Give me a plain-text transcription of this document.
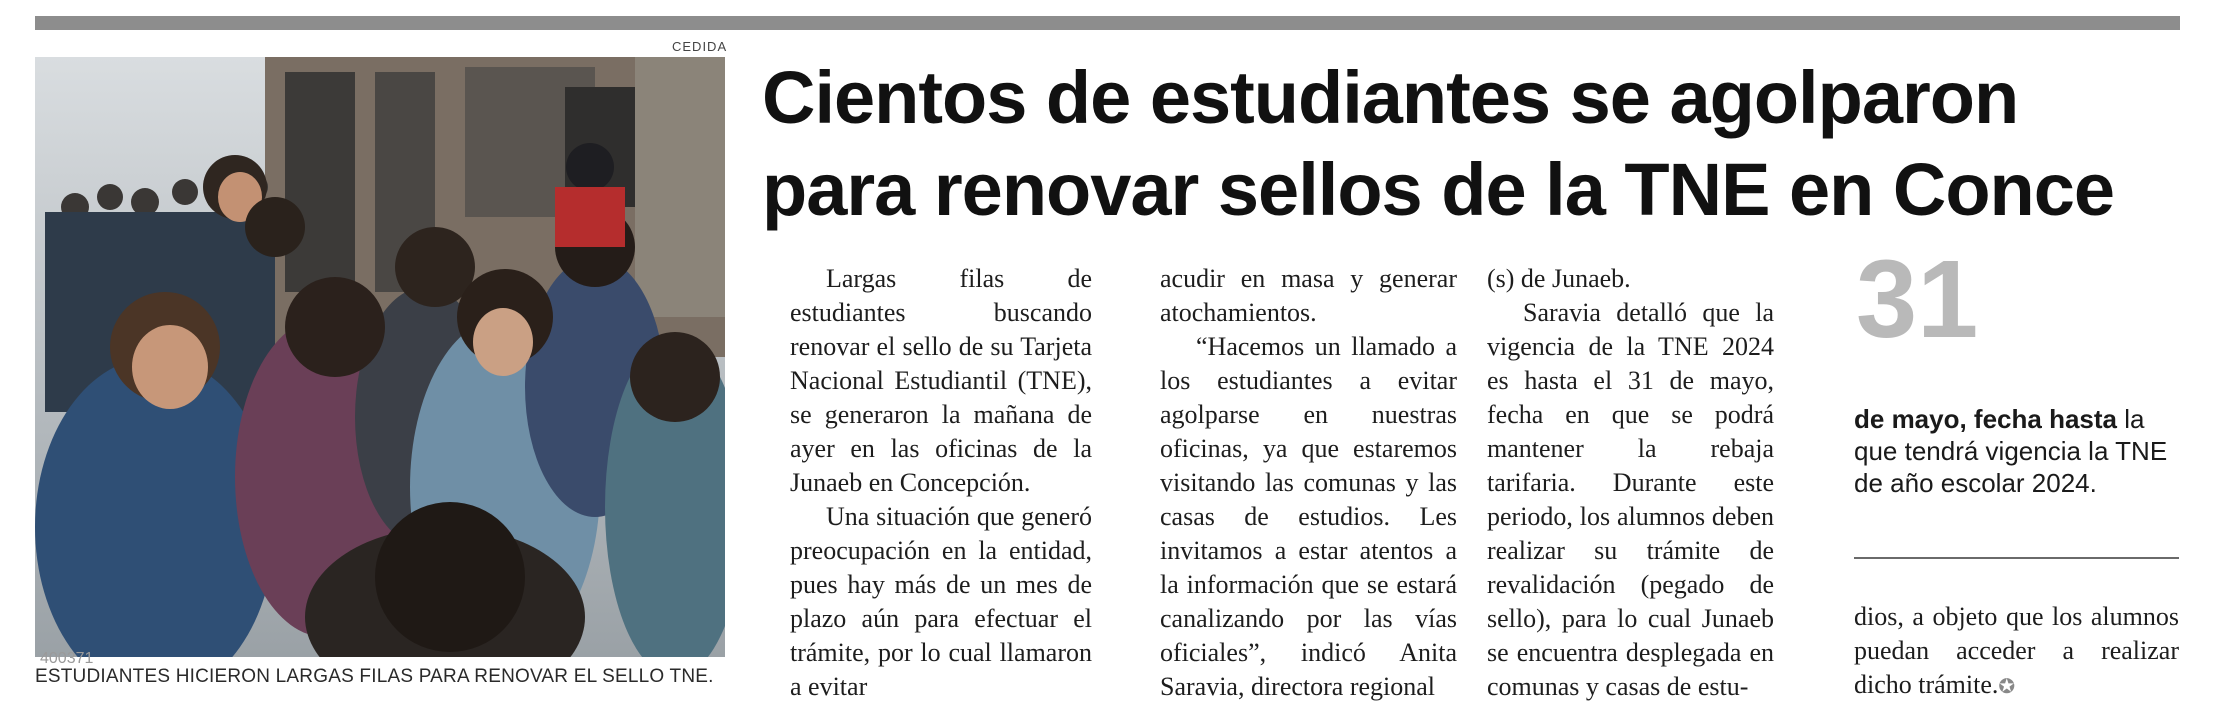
CEDIDA
400371
ESTUDIANTES HICIERON LARGAS FILAS PARA RENOVAR EL SELLO TNE.
Cientos de estudiantes se agolparon
para renovar sellos de la TNE en Conce

Largas filas de estudiantes buscando renovar el sello de su Tarjeta Nacional Estudiantil (TNE), se generaron la mañana de ayer en las oficinas de la Junaeb en Concepción.

Una situación que generó preocupación en la entidad, pues hay más de un mes de plazo aún para efectuar el trámite, por lo cual llamaron a evitar

acudir en masa y generar atochamientos.

“Hacemos un llamado a los estudiantes a evitar agolparse en nuestras oficinas, ya que estaremos visitando las comunas y las casas de estudios. Les invitamos a estar atentos a la información que se estará canalizando por las vías oficiales”, indicó Anita Saravia, directora regional

(s) de Junaeb.

Saravia detalló que la vigencia de la TNE 2024 es hasta el 31 de mayo, fecha en que se podrá mantener la rebaja tarifaria. Durante este periodo, los alumnos deben realizar su trámite de revalidación (pegado de sello), para lo cual Junaeb se encuentra desplegada en comunas y casas de estu-

31
de mayo, fecha hasta la que tendrá vigencia la TNE de año escolar 2024.

dios, a objeto que los alumnos puedan acceder a realizar dicho trámite.✪
